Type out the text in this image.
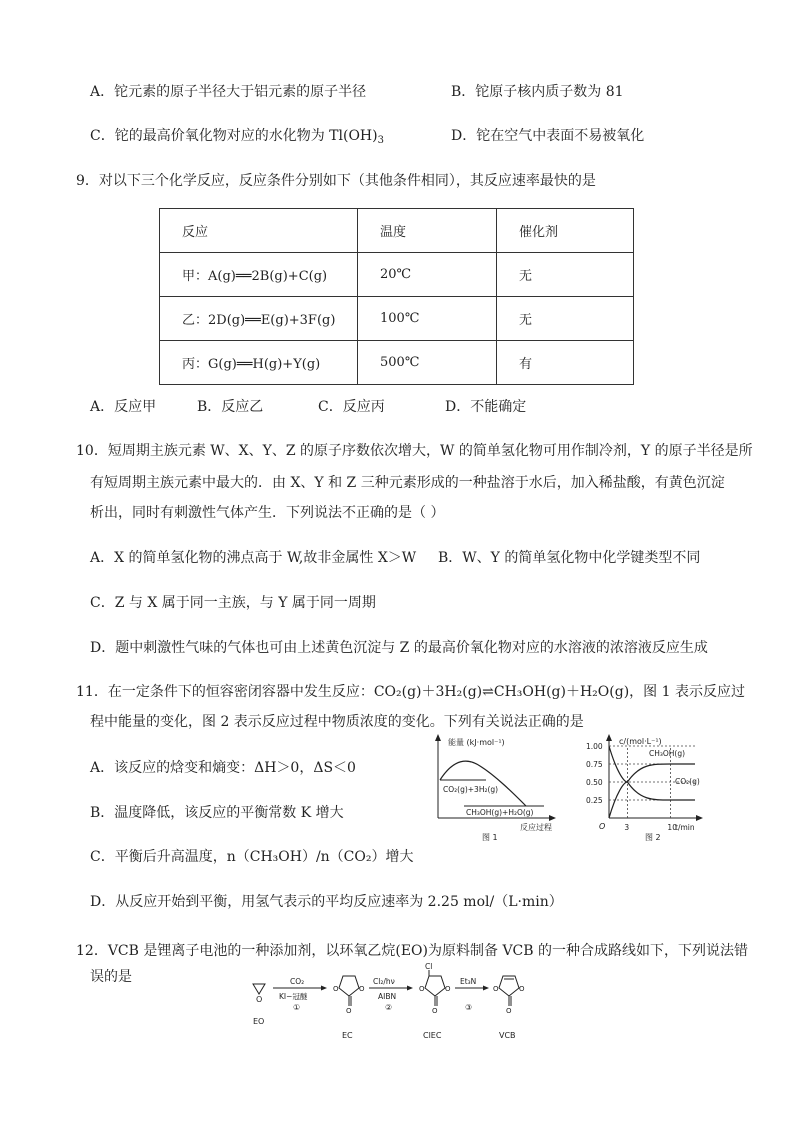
A．铊元素的原子半径大于铝元素的原子半径	B．铊原子核内质子数为 81
C．铊的最高价氧化物对应的水化物为 $Tl(OH)_3$	D．铊在空气中表面不易被氧化
9．对以下三个化学反应，反应条件分别如下（其他条件相同），其反应速率最快的是
反应	温度	催化剂
甲：A(g)══2B(g)+C(g)	20℃	无
乙：2D(g)══E(g)+3F(g)	100℃	无
丙：G(g)══H(g)+Y(g)	500℃	有
A．反应甲	B．反应乙	C．反应丙	D．不能确定
10．短周期主族元素 W、X、Y、Z 的原子序数依次增大，W 的简单氢化物可用作制冷剂，Y 的原子半径是所
有短周期主族元素中最大的．由 X、Y 和 Z 三种元素形成的一种盐溶于水后，加入稀盐酸，有黄色沉淀
析出，同时有刺激性气体产生．下列说法不正确的是（ ）
A．X 的简单氢化物的沸点高于 W,故非金属性 X＞W B．W、Y 的简单氢化物中化学键类型不同
C．Z 与 X 属于同一主族，与 Y 属于同一周期
D．题中刺激性气味的气体也可由上述黄色沉淀与 Z 的最高价氧化物对应的水溶液的浓溶液反应生成
11．在一定条件下的恒容密闭容器中发生反应：CO₂(g)＋3H₂(g)⇌CH₃OH(g)＋H₂O(g)，图 1 表示反应过
程中能量的变化，图 2 表示反应过程中物质浓度的变化。下列有关说法正确的是
A．该反应的焓变和熵变：ΔH＞0，ΔS＜0
B．温度降低，该反应的平衡常数 K 增大
C．平衡后升高温度，n（CH₃OH）/n（CO₂）增大
D．从反应开始到平衡，用氢气表示的平均反应速率为 2.25 mol/（L·min）
能量 (kJ·mol⁻¹)
CO₂(g)+3H₂(g)
CH₃OH(g)+H₂O(g)
反应过程
图 1
c/(mol·L⁻¹)
1.00
0.75
0.50
0.25
3	10
O	t/min
CH₃OH(g)
CO₂(g)
图 2
12．VCB 是锂离子电池的一种添加剂，以环氧乙烷(EO)为原料制备 VCB 的一种合成路线如下，下列说法错
误的是
O
EO
CO₂
KI−冠醚
①
O	O
O
EC
Cl₂/hν
AIBN
②
Cl
O	O
O
ClEC
Et₃N
③
O	O
O
VCB
